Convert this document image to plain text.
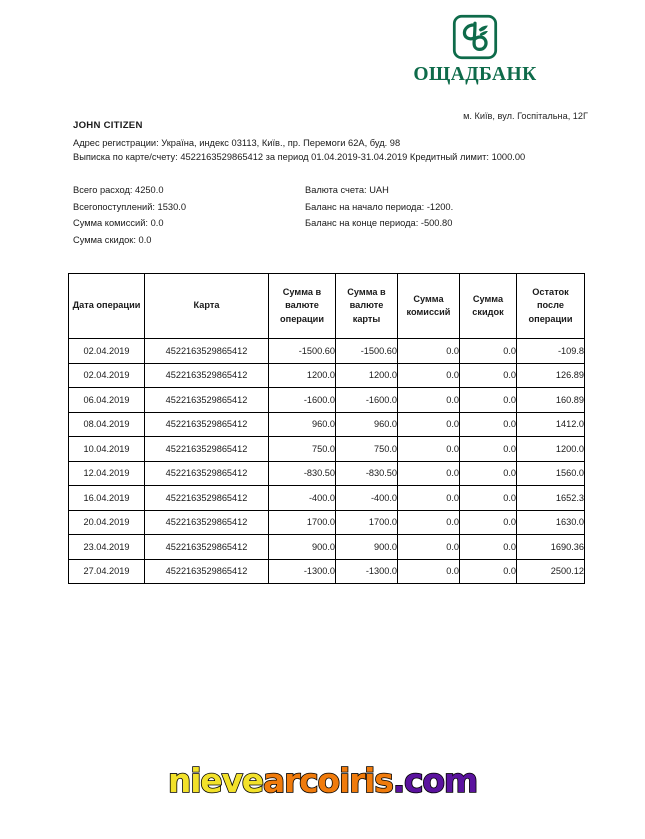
ОЩАДБАНК
м. Київ, вул. Госпітальна, 12Г
JOHN CITIZEN
Адрес регистрации: Україна, индекс 03113, Київ., пр. Перемоги 62А, буд. 98
Выписка по карте/счету: 4522163529865412 за период 01.04.2019-31.04.2019 Кредитный лимит: 1000.00
Всего расход: 4250.0
Всегопоступлений: 1530.0
Сумма комиссий: 0.0
Сумма скидок: 0.0
Валюта счета: UAH
Баланс на начало периода: -1200.
Баланс на конце периода: -500.80
Дата операции	Карта	Сумма в валюте операции	Сумма в валюте карты	Сумма комиссий	Сумма скидок	Остаток после операции
02.04.2019	4522163529865412	-1500.60	-1500.60	0.0	0.0	-109.8
02.04.2019	4522163529865412	1200.0	1200.0	0.0	0.0	126.89
06.04.2019	4522163529865412	-1600.0	-1600.0	0.0	0.0	160.89
08.04.2019	4522163529865412	960.0	960.0	0.0	0.0	1412.0
10.04.2019	4522163529865412	750.0	750.0	0.0	0.0	1200.0
12.04.2019	4522163529865412	-830.50	-830.50	0.0	0.0	1560.0
16.04.2019	4522163529865412	-400.0	-400.0	0.0	0.0	1652.3
20.04.2019	4522163529865412	1700.0	1700.0	0.0	0.0	1630.0
23.04.2019	4522163529865412	900.0	900.0	0.0	0.0	1690.36
27.04.2019	4522163529865412	-1300.0	-1300.0	0.0	0.0	2500.12
nievearcoiris.com
